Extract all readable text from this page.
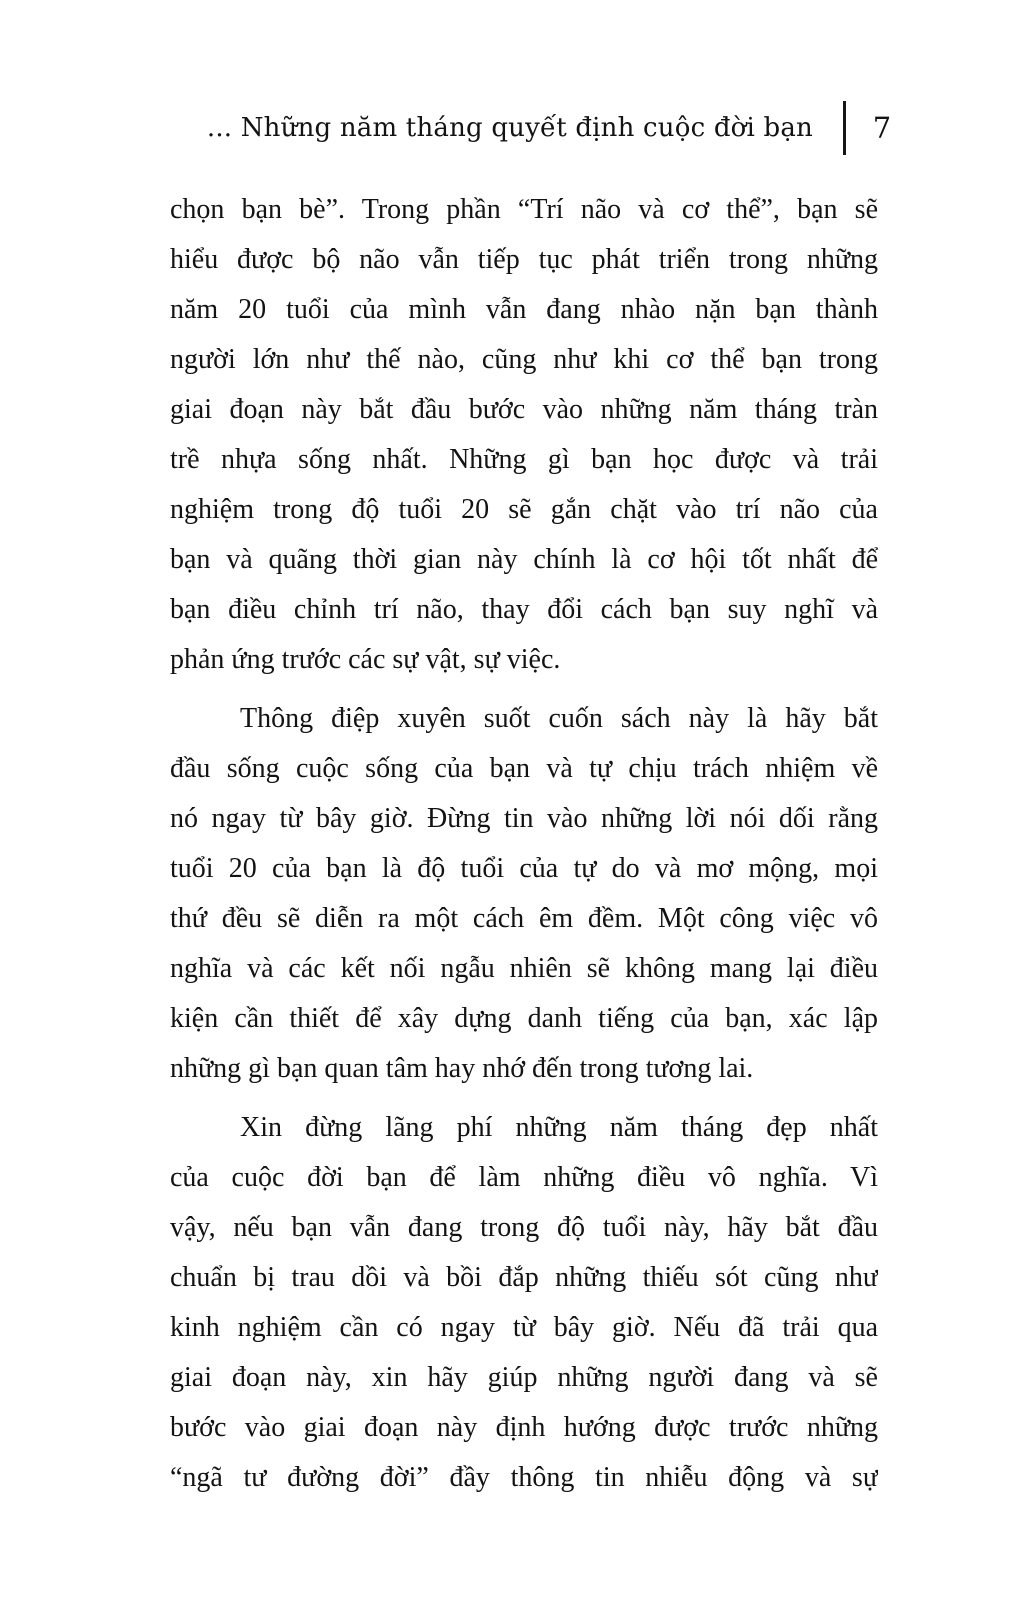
... Những năm tháng quyết định cuộc đời bạn 7
chọn bạn bè”. Trong phần “Trí não và cơ thể”, bạn sẽ
hiểu được bộ não vẫn tiếp tục phát triển trong những
năm 20 tuổi của mình vẫn đang nhào nặn bạn thành
người lớn như thế nào, cũng như khi cơ thể bạn trong
giai đoạn này bắt đầu bước vào những năm tháng tràn
trề nhựa sống nhất. Những gì bạn học được và trải
nghiệm trong độ tuổi 20 sẽ gắn chặt vào trí não của
bạn và quãng thời gian này chính là cơ hội tốt nhất để
bạn điều chỉnh trí não, thay đổi cách bạn suy nghĩ và
phản ứng trước các sự vật, sự việc.
Thông điệp xuyên suốt cuốn sách này là hãy bắt
đầu sống cuộc sống của bạn và tự chịu trách nhiệm về
nó ngay từ bây giờ. Đừng tin vào những lời nói dối rằng
tuổi 20 của bạn là độ tuổi của tự do và mơ mộng, mọi
thứ đều sẽ diễn ra một cách êm đềm. Một công việc vô
nghĩa và các kết nối ngẫu nhiên sẽ không mang lại điều
kiện cần thiết để xây dựng danh tiếng của bạn, xác lập
những gì bạn quan tâm hay nhớ đến trong tương lai.
Xin đừng lãng phí những năm tháng đẹp nhất
của cuộc đời bạn để làm những điều vô nghĩa. Vì
vậy, nếu bạn vẫn đang trong độ tuổi này, hãy bắt đầu
chuẩn bị trau dồi và bồi đắp những thiếu sót cũng như
kinh nghiệm cần có ngay từ bây giờ. Nếu đã trải qua
giai đoạn này, xin hãy giúp những người đang và sẽ
bước vào giai đoạn này định hướng được trước những
“ngã tư đường đời” đầy thông tin nhiễu động và sự
